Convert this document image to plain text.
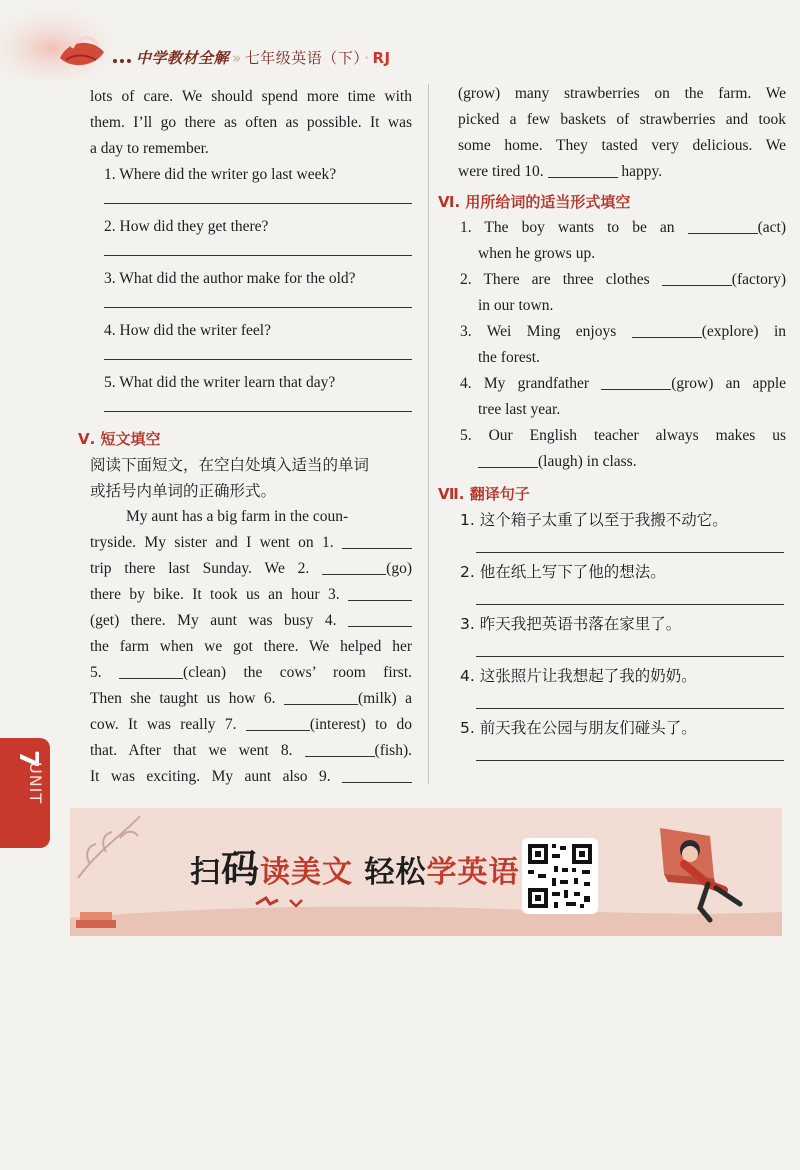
中学教材全解 » 七年级英语（下） · RJ
lots of care. We should spend more time with
them. I’ll go there as often as possible. It was
a day to remember.
1. Where did the writer go last week?
2. How did they get there?
3. What did the author make for the old?
4. How did the writer feel?
5. What did the writer learn that day?
Ⅴ. 短文填空
阅读下面短文，在空白处填入适当的单词
或括号内单词的正确形式。
My aunt has a big farm in the coun-
tryside. My sister and I went on 1.
trip there last Sunday. We 2.	(go)
there by bike. It took us an hour 3.
(get) there. My aunt was busy 4.
the farm when we got there. We helped her
5.	(clean) the cows’ room first.
Then she taught us how 6.	(milk) a
cow. It was really 7.	(interest) to do
that. After that we went 8.	(fish).
It was exciting. My aunt also 9.
(grow) many strawberries on the farm. We
picked a few baskets of strawberries and took
some home. They tasted very delicious. We
were tired 10.	happy.
Ⅵ. 用所给词的适当形式填空
1. The boy wants to be an	(act)
when he grows up.
2. There are three clothes	(factory)
in our town.
3. Wei Ming enjoys	(explore) in
the forest.
4. My grandfather	(grow) an apple
tree last year.
5. Our English teacher always makes us
(laugh) in class.
Ⅶ. 翻译句子
1. 这个箱子太重了以至于我搬不动它。
2. 他在纸上写下了他的想法。
3. 昨天我把英语书落在家里了。
4. 这张照片让我想起了我的奶奶。
5. 前天我在公园与朋友们碰头了。
UNIT
7
扫码读美文 轻松学英语
